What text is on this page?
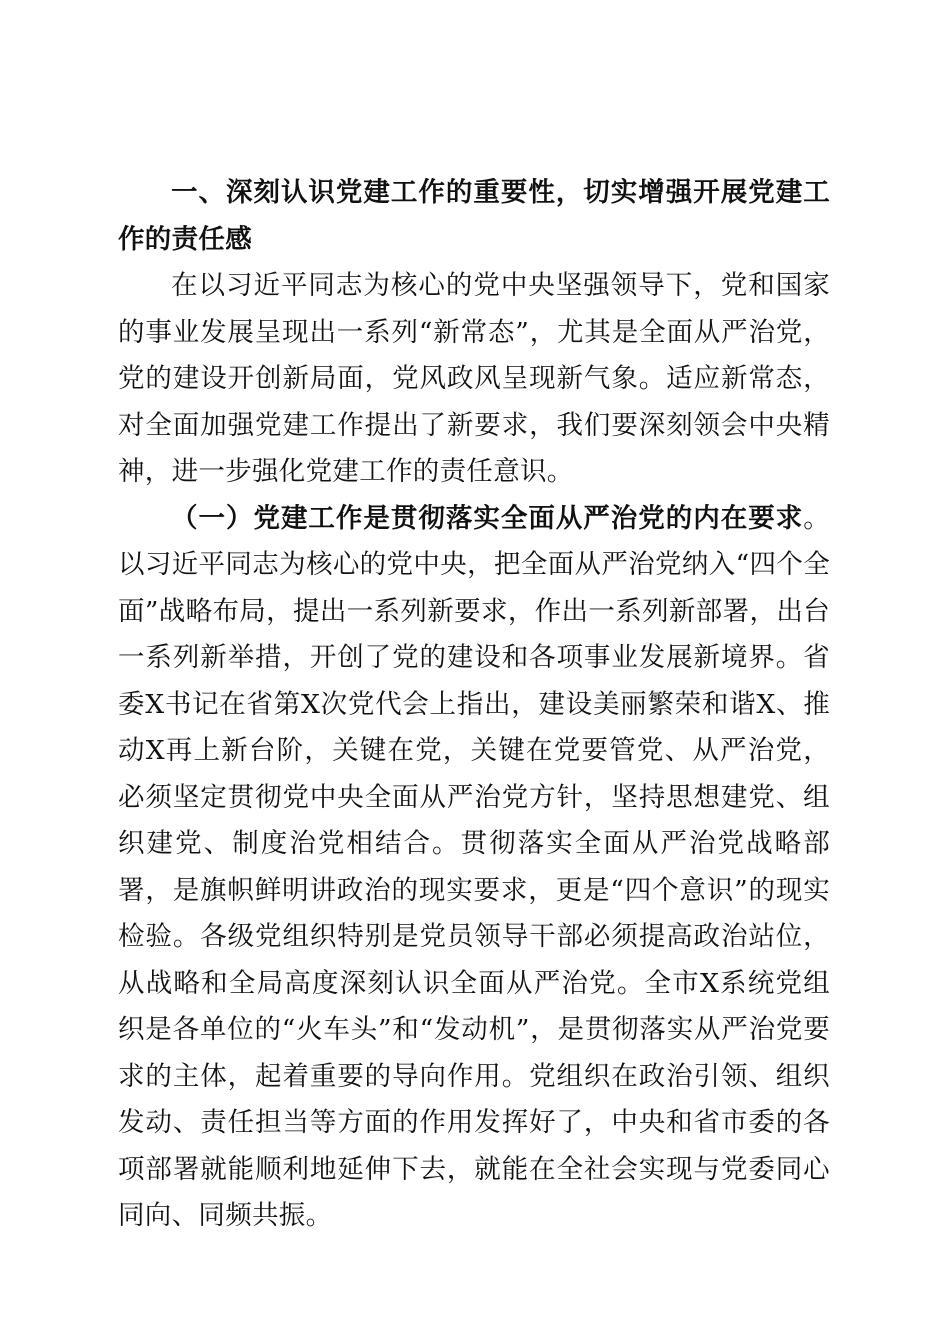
一、深刻认识党建工作的重要性，切实增强开展党建工作的责任感

在以习近平同志为核心的党中央坚强领导下，党和国家的事业发展呈现出一系列“新常态”，尤其是全面从严治党，党的建设开创新局面，党风政风呈现新气象。适应新常态，对全面加强党建工作提出了新要求，我们要深刻领会中央精神，进一步强化党建工作的责任意识。

（一）党建工作是贯彻落实全面从严治党的内在要求。以习近平同志为核心的党中央，把全面从严治党纳入“四个全面”战略布局，提出一系列新要求，作出一系列新部署，出台一系列新举措，开创了党的建设和各项事业发展新境界。省委X书记在省第X次党代会上指出，建设美丽繁荣和谐X、推动X再上新台阶，关键在党，关键在党要管党、从严治党，必须坚定贯彻党中央全面从严治党方针，坚持思想建党、组织建党、制度治党相结合。贯彻落实全面从严治党战略部署，是旗帜鲜明讲政治的现实要求，更是“四个意识”的现实检验。各级党组织特别是党员领导干部必须提高政治站位，从战略和全局高度深刻认识全面从严治党。全市X系统党组织是各单位的“火车头”和“发动机”，是贯彻落实从严治党要求的主体，起着重要的导向作用。党组织在政治引领、组织发动、责任担当等方面的作用发挥好了，中央和省市委的各项部署就能顺利地延伸下去，就能在全社会实现与党委同心同向、同频共振。
